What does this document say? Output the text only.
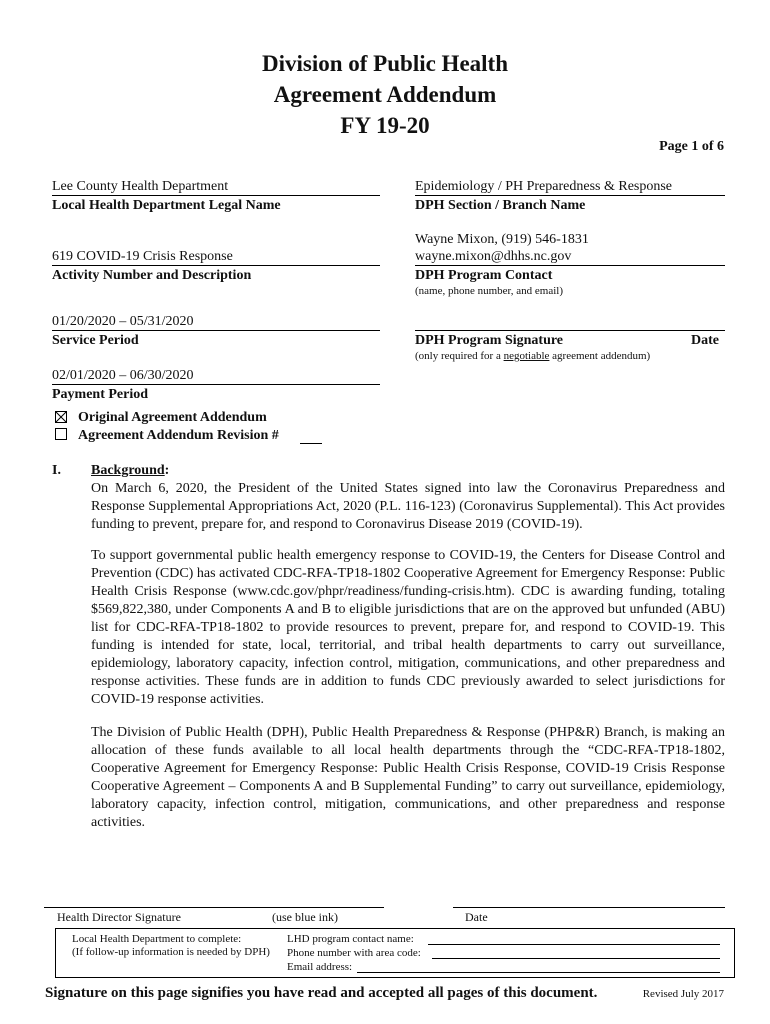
Division of Public Health
Agreement Addendum
FY 19-20
Page 1 of 6
Lee County Health Department
Local Health Department Legal Name
619 COVID-19 Crisis Response
Activity Number and Description
01/20/2020 – 05/31/2020
Service Period
02/01/2020 – 06/30/2020
Payment Period
Epidemiology / PH Preparedness & Response
DPH Section / Branch Name
Wayne Mixon, (919) 546-1831
wayne.mixon@dhhs.nc.gov
DPH Program Contact
(name, phone number, and email)
DPH Program Signature	Date
(only required for a negotiable agreement addendum)
Original Agreement Addendum
Agreement Addendum Revision #
I. Background:
On March 6, 2020, the President of the United States signed into law the Coronavirus Preparedness and Response Supplemental Appropriations Act, 2020 (P.L. 116-123) (Coronavirus Supplemental). This Act provides funding to prevent, prepare for, and respond to Coronavirus Disease 2019 (COVID-19).
To support governmental public health emergency response to COVID-19, the Centers for Disease Control and Prevention (CDC) has activated CDC-RFA-TP18-1802 Cooperative Agreement for Emergency Response: Public Health Crisis Response (www.cdc.gov/phpr/readiness/funding-crisis.htm). CDC is awarding funding, totaling $569,822,380, under Components A and B to eligible jurisdictions that are on the approved but unfunded (ABU) list for CDC-RFA-TP18-1802 to provide resources to prevent, prepare for, and respond to COVID-19. This funding is intended for state, local, territorial, and tribal health departments to carry out surveillance, epidemiology, laboratory capacity, infection control, mitigation, communications, and other preparedness and response activities. These funds are in addition to funds CDC previously awarded to select jurisdictions for COVID-19 response activities.
The Division of Public Health (DPH), Public Health Preparedness & Response (PHP&R) Branch, is making an allocation of these funds available to all local health departments through the “CDC-RFA-TP18-1802, Cooperative Agreement for Emergency Response: Public Health Crisis Response, COVID-19 Crisis Response Cooperative Agreement – Components A and B Supplemental Funding” to carry out surveillance, epidemiology, laboratory capacity, infection control, mitigation, communications, and other preparedness and response activities.
Health Director Signature	(use blue ink)	Date
Local Health Department to complete:
(If follow-up information is needed by DPH)
LHD program contact name:
Phone number with area code:
Email address:
Signature on this page signifies you have read and accepted all pages of this document.	Revised July 2017
